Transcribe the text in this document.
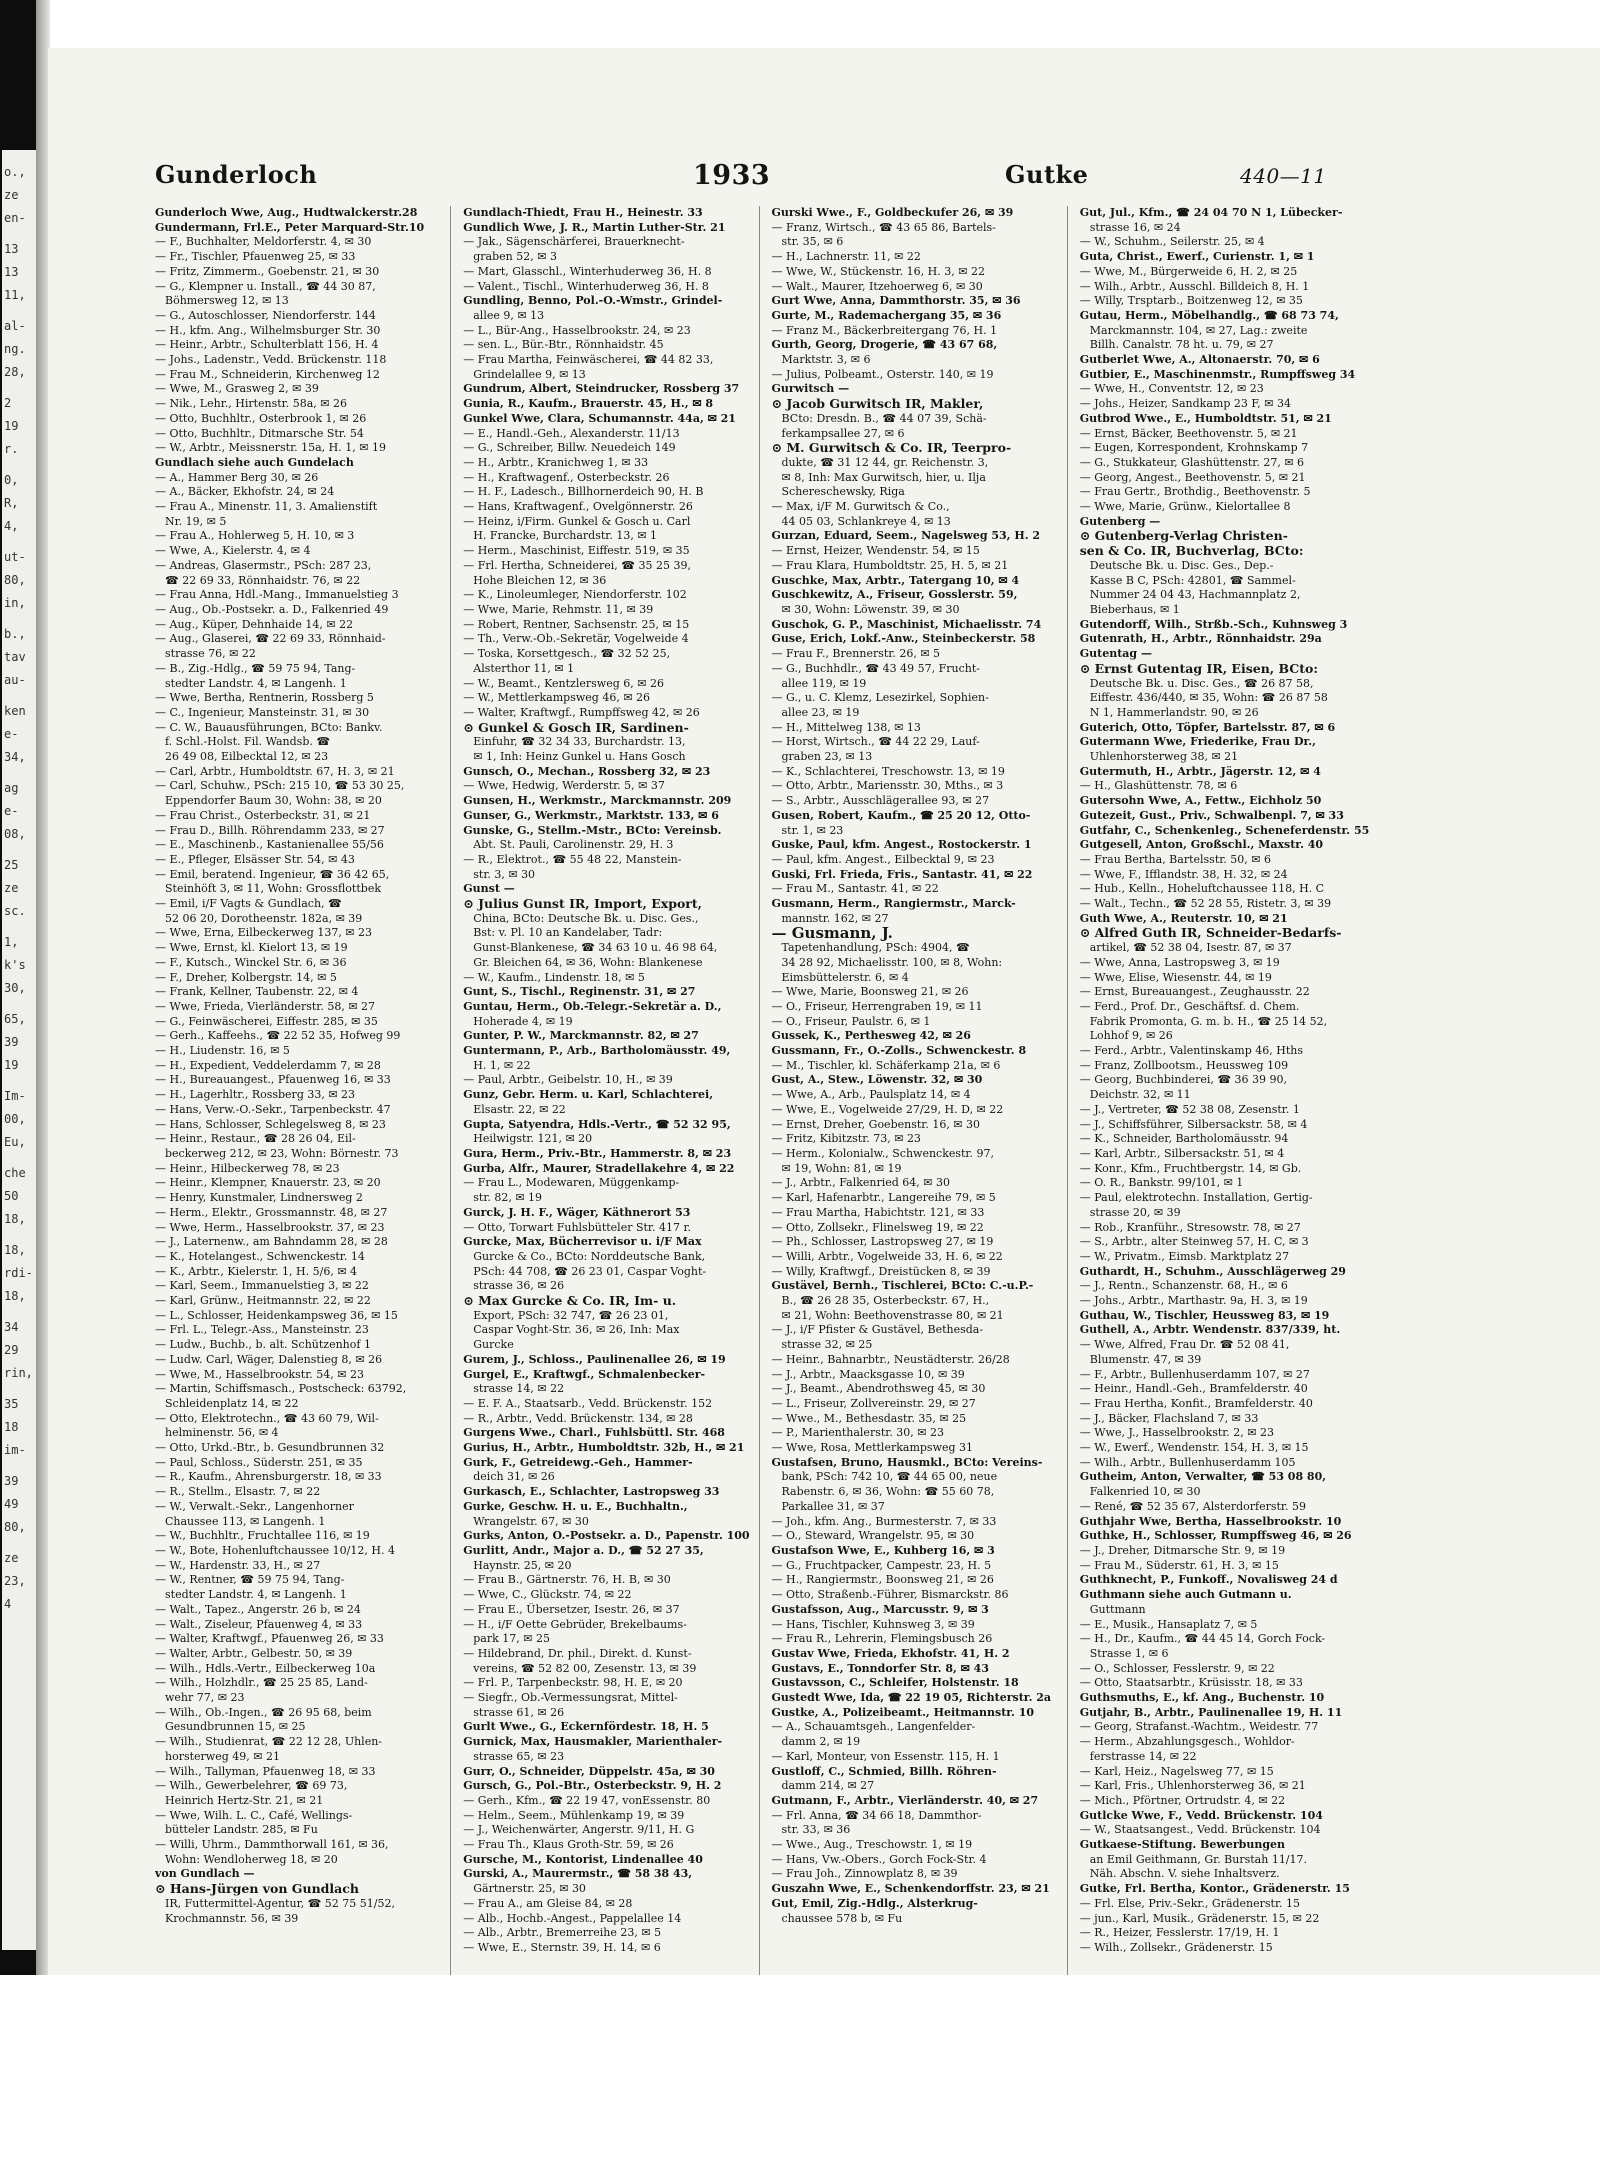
o.,
ze
en-
13
13
11,
al-
ng.
28,
2
19
r.
0,
R,
4,
ut-
80,
in,
b.,
tav
au-
ken
e-
34,
ag
e-
08,
25
ze
sc.
1,
k's
30,
65,
39
19
Im-
00,
Eu,
che
50
18,
18,
rdi-
18,
34
29
rin,
35
18
im-
39
49
80,
ze
23,
4
Gunderloch	1933	Gutke	440—11
Gunderloch Wwe, Aug., Hudtwalckerstr.28
Gundermann, Frl.E., Peter Marquard-Str.10
— F., Buchhalter, Meldorferstr. 4, ✉ 30
— Fr., Tischler, Pfauenweg 25, ✉ 33
— Fritz, Zimmerm., Goebenstr. 21, ✉ 30
— G., Klempner u. Install., ☎ 44 30 87,
Böhmersweg 12, ✉ 13
— G., Autoschlosser, Niendorferstr. 144
— H., kfm. Ang., Wilhelmsburger Str. 30
— Heinr., Arbtr., Schulterblatt 156, H. 4
— Johs., Ladenstr., Vedd. Brückenstr. 118
— Frau M., Schneiderin, Kirchenweg 12
— Wwe, M., Grasweg 2, ✉ 39
— Nik., Lehr., Hirtenstr. 58a, ✉ 26
— Otto, Buchhltr., Osterbrook 1, ✉ 26
— Otto, Buchhltr., Ditmarsche Str. 54
— W., Arbtr., Meissnerstr. 15a, H. 1, ✉ 19
Gundlach siehe auch Gundelach
— A., Hammer Berg 30, ✉ 26
— A., Bäcker, Ekhofstr. 24, ✉ 24
— Frau A., Minenstr. 11, 3. Amalienstift
Nr. 19, ✉ 5
— Frau A., Hohlerweg 5, H. 10, ✉ 3
— Wwe, A., Kielerstr. 4, ✉ 4
— Andreas, Glasermstr., PSch: 287 23,
☎ 22 69 33, Rönnhaidstr. 76, ✉ 22
— Frau Anna, Hdl.-Mang., Immanuelstieg 3
— Aug., Ob.-Postsekr. a. D., Falkenried 49
— Aug., Küper, Dehnhaide 14, ✉ 22
— Aug., Glaserei, ☎ 22 69 33, Rönnhaid-
strasse 76, ✉ 22
— B., Zig.-Hdlg., ☎ 59 75 94, Tang-
stedter Landstr. 4, ✉ Langenh. 1
— Wwe, Bertha, Rentnerin, Rossberg 5
— C., Ingenieur, Mansteinstr. 31, ✉ 30
— C. W., Bauausführungen, BCto: Bankv.
f. Schl.-Holst. Fil. Wandsb. ☎
26 49 08, Eilbecktal 12, ✉ 23
— Carl, Arbtr., Humboldtstr. 67, H. 3, ✉ 21
— Carl, Schuhw., PSch: 215 10, ☎ 53 30 25,
Eppendorfer Baum 30, Wohn: 38, ✉ 20
— Frau Christ., Osterbeckstr. 31, ✉ 21
— Frau D., Billh. Röhrendamm 233, ✉ 27
— E., Maschinenb., Kastanienallee 55/56
— E., Pfleger, Elsässer Str. 54, ✉ 43
— Emil, beratend. Ingenieur, ☎ 36 42 65,
Steinhöft 3, ✉ 11, Wohn: Grossflottbek
— Emil, i/F Vagts & Gundlach, ☎
52 06 20, Dorotheenstr. 182a, ✉ 39
— Wwe, Erna, Eilbeckerweg 137, ✉ 23
— Wwe, Ernst, kl. Kielort 13, ✉ 19
— F., Kutsch., Winckel Str. 6, ✉ 36
— F., Dreher, Kolbergstr. 14, ✉ 5
— Frank, Kellner, Taubenstr. 22, ✉ 4
— Wwe, Frieda, Vierländerstr. 58, ✉ 27
— G., Feinwäscherei, Eiffestr. 285, ✉ 35
— Gerh., Kaffeehs., ☎ 22 52 35, Hofweg 99
— H., Liudenstr. 16, ✉ 5
— H., Expedient, Veddelerdamm 7, ✉ 28
— H., Bureauangest., Pfauenweg 16, ✉ 33
— H., Lagerhltr., Rossberg 33, ✉ 23
— Hans, Verw.-O.-Sekr., Tarpenbeckstr. 47
— Hans, Schlosser, Schlegelsweg 8, ✉ 23
— Heinr., Restaur., ☎ 28 26 04, Eil-
beckerweg 212, ✉ 23, Wohn: Börnestr. 73
— Heinr., Hilbeckerweg 78, ✉ 23
— Heinr., Klempner, Knauerstr. 23, ✉ 20
— Henry, Kunstmaler, Lindnersweg 2
— Herm., Elektr., Grossmannstr. 48, ✉ 27
— Wwe, Herm., Hasselbrookstr. 37, ✉ 23
— J., Laternenw., am Bahndamm 28, ✉ 28
— K., Hotelangest., Schwenckestr. 14
— K., Arbtr., Kielerstr. 1, H. 5/6, ✉ 4
— Karl, Seem., Immanuelstieg 3, ✉ 22
— Karl, Grünw., Heitmannstr. 22, ✉ 22
— L., Schlosser, Heidenkampsweg 36, ✉ 15
— Frl. L., Telegr.-Ass., Mansteinstr. 23
— Ludw., Buchb., b. alt. Schützenhof 1
— Ludw. Carl, Wäger, Dalenstieg 8, ✉ 26
— Wwe, M., Hasselbrookstr. 54, ✉ 23
— Martin, Schiffsmasch., Postscheck: 63792,
Schleidenplatz 14, ✉ 22
— Otto, Elektrotechn., ☎ 43 60 79, Wil-
helminenstr. 56, ✉ 4
— Otto, Urkd.-Btr., b. Gesundbrunnen 32
— Paul, Schloss., Süderstr. 251, ✉ 35
— R., Kaufm., Ahrensburgerstr. 18, ✉ 33
— R., Stellm., Elsastr. 7, ✉ 22
— W., Verwalt.-Sekr., Langenhorner
Chaussee 113, ✉ Langenh. 1
— W., Buchhltr., Fruchtallee 116, ✉ 19
— W., Bote, Hohenluftchaussee 10/12, H. 4
— W., Hardenstr. 33, H., ✉ 27
— W., Rentner, ☎ 59 75 94, Tang-
stedter Landstr. 4, ✉ Langenh. 1
— Walt., Tapez., Angerstr. 26 b, ✉ 24
— Walt., Ziseleur, Pfauenweg 4, ✉ 33
— Walter, Kraftwgf., Pfauenweg 26, ✉ 33
— Walter, Arbtr., Gelbestr. 50, ✉ 39
— Wilh., Hdls.-Vertr., Eilbeckerweg 10a
— Wilh., Holzhdlr., ☎ 25 25 85, Land-
wehr 77, ✉ 23
— Wilh., Ob.-Ingen., ☎ 26 95 68, beim
Gesundbrunnen 15, ✉ 25
— Wilh., Studienrat, ☎ 22 12 28, Uhlen-
horsterweg 49, ✉ 21
— Wilh., Tallyman, Pfauenweg 18, ✉ 33
— Wilh., Gewerbelehrer, ☎ 69 73,
Heinrich Hertz-Str. 21, ✉ 21
— Wwe, Wilh. L. C., Café, Wellings-
bütteler Landstr. 285, ✉ Fu
— Willi, Uhrm., Dammthorwall 161, ✉ 36,
Wohn: Wendloherweg 18, ✉ 20
von Gundlach —
⊙ Hans-Jürgen von Gundlach
IR, Futtermittel-Agentur, ☎ 52 75 51/52,
Krochmannstr. 56, ✉ 39
Gundlach-Thiedt, Frau H., Heinestr. 33
Gundlich Wwe, J. R., Martin Luther-Str. 21
— Jak., Sägenschärferei, Brauerknecht-
graben 52, ✉ 3
— Mart, Glasschl., Winterhuderweg 36, H. 8
— Valent., Tischl., Winterhuderweg 36, H. 8
Gundling, Benno, Pol.-O.-Wmstr., Grindel-
allee 9, ✉ 13
— L., Bür-Ang., Hasselbrookstr. 24, ✉ 23
— sen. L., Bür.-Btr., Rönnhaidstr. 45
— Frau Martha, Feinwäscherei, ☎ 44 82 33,
Grindelallee 9, ✉ 13
Gundrum, Albert, Steindrucker, Rossberg 37
Gunia, R., Kaufm., Brauerstr. 45, H., ✉ 8
Gunkel Wwe, Clara, Schumannstr. 44a, ✉ 21
— E., Handl.-Geh., Alexanderstr. 11/13
— G., Schreiber, Billw. Neuedeich 149
— H., Arbtr., Kranichweg 1, ✉ 33
— H., Kraftwagenf., Osterbeckstr. 26
— H. F., Ladesch., Billhornerdeich 90, H. B
— Hans, Kraftwagenf., Ovelgönnerstr. 26
— Heinz, i/Firm. Gunkel & Gosch u. Carl
H. Francke, Burchardstr. 13, ✉ 1
— Herm., Maschinist, Eiffestr. 519, ✉ 35
— Frl. Hertha, Schneiderei, ☎ 35 25 39,
Hohe Bleichen 12, ✉ 36
— K., Linoleumleger, Niendorferstr. 102
— Wwe, Marie, Rehmstr. 11, ✉ 39
— Robert, Rentner, Sachsenstr. 25, ✉ 15
— Th., Verw.-Ob.-Sekretär, Vogelweide 4
— Toska, Korsettgesch., ☎ 32 52 25,
Alsterthor 11, ✉ 1
— W., Beamt., Kentzlersweg 6, ✉ 26
— W., Mettlerkampsweg 46, ✉ 26
— Walter, Kraftwgf., Rumpffsweg 42, ✉ 26
⊙ Gunkel & Gosch IR, Sardinen-
Einfuhr, ☎ 32 34 33, Burchardstr. 13,
✉ 1, Inh: Heinz Gunkel u. Hans Gosch
Gunsch, O., Mechan., Rossberg 32, ✉ 23
— Wwe, Hedwig, Werderstr. 5, ✉ 37
Gunsen, H., Werkmstr., Marckmannstr. 209
Gunser, G., Werkmstr., Marktstr. 133, ✉ 6
Gunske, G., Stellm.-Mstr., BCto: Vereinsb.
Abt. St. Pauli, Carolinenstr. 29, H. 3
— R., Elektrot., ☎ 55 48 22, Manstein-
str. 3, ✉ 30
Gunst —
⊙ Julius Gunst IR, Import, Export,
China, BCto: Deutsche Bk. u. Disc. Ges.,
Bst: v. Pl. 10 an Kandelaber, Tadr:
Gunst-Blankenese, ☎ 34 63 10 u. 46 98 64,
Gr. Bleichen 64, ✉ 36, Wohn: Blankenese
— W., Kaufm., Lindenstr. 18, ✉ 5
Gunt, S., Tischl., Reginenstr. 31, ✉ 27
Guntau, Herm., Ob.-Telegr.-Sekretär a. D.,
Hoherade 4, ✉ 19
Gunter, P. W., Marckmannstr. 82, ✉ 27
Guntermann, P., Arb., Bartholomäusstr. 49,
H. 1, ✉ 22
— Paul, Arbtr., Geibelstr. 10, H., ✉ 39
Gunz, Gebr. Herm. u. Karl, Schlachterei,
Elsastr. 22, ✉ 22
Gupta, Satyendra, Hdls.-Vertr., ☎ 52 32 95,
Heilwigstr. 121, ✉ 20
Gura, Herm., Priv.-Btr., Hammerstr. 8, ✉ 23
Gurba, Alfr., Maurer, Stradellakehre 4, ✉ 22
— Frau L., Modewaren, Müggenkamp-
str. 82, ✉ 19
Gurck, J. H. F., Wäger, Käthnerort 53
— Otto, Torwart Fuhlsbütteler Str. 417 r.
Gurcke, Max, Bücherrevisor u. i/F Max
Gurcke & Co., BCto: Norddeutsche Bank,
PSch: 44 708, ☎ 26 23 01, Caspar Voght-
strasse 36, ✉ 26
⊙ Max Gurcke & Co. IR, Im- u.
Export, PSch: 32 747, ☎ 26 23 01,
Caspar Voght-Str. 36, ✉ 26, Inh: Max
Gurcke
Gurem, J., Schloss., Paulinenallee 26, ✉ 19
Gurgel, E., Kraftwgf., Schmalenbecker-
strasse 14, ✉ 22
— E. F. A., Staatsarb., Vedd. Brückenstr. 152
— R., Arbtr., Vedd. Brückenstr. 134, ✉ 28
Gurgens Wwe., Charl., Fuhlsbüttl. Str. 468
Gurius, H., Arbtr., Humboldtstr. 32b, H., ✉ 21
Gurk, F., Getreidewg.-Geh., Hammer-
deich 31, ✉ 26
Gurkasch, E., Schlachter, Lastropsweg 33
Gurke, Geschw. H. u. E., Buchhaltn.,
Wrangelstr. 67, ✉ 30
Gurks, Anton, O.-Postsekr. a. D., Papenstr. 100
Gurlitt, Andr., Major a. D., ☎ 52 27 35,
Haynstr. 25, ✉ 20
— Frau B., Gärtnerstr. 76, H. B, ✉ 30
— Wwe, C., Glückstr. 74, ✉ 22
— Frau E., Übersetzer, Isestr. 26, ✉ 37
— H., i/F Oette Gebrüder, Brekelbaums-
park 17, ✉ 25
— Hildebrand, Dr. phil., Direkt. d. Kunst-
vereins, ☎ 52 82 00, Zesenstr. 13, ✉ 39
— Frl. P., Tarpenbeckstr. 98, H. E, ✉ 20
— Siegfr., Ob.-Vermessungsrat, Mittel-
strasse 61, ✉ 26
Gurlt Wwe., G., Eckernfördestr. 18, H. 5
Gurnick, Max, Hausmakler, Marienthaler-
strasse 65, ✉ 23
Gurr, O., Schneider, Düppelstr. 45a, ✉ 30
Gursch, G., Pol.-Btr., Osterbeckstr. 9, H. 2
— Gerh., Kfm., ☎ 22 19 47, vonEssenstr. 80
— Helm., Seem., Mühlenkamp 19, ✉ 39
— J., Weichenwärter, Angerstr. 9/11, H. G
— Frau Th., Klaus Groth-Str. 59, ✉ 26
Gursche, M., Kontorist, Lindenallee 40
Gurski, A., Maurermstr., ☎ 58 38 43,
Gärtnerstr. 25, ✉ 30
— Frau A., am Gleise 84, ✉ 28
— Alb., Hochb.-Angest., Pappelallee 14
— Alb., Arbtr., Bremerreihe 23, ✉ 5
— Wwe, E., Sternstr. 39, H. 14, ✉ 6
Gurski Wwe., F., Goldbeckufer 26, ✉ 39
— Franz, Wirtsch., ☎ 43 65 86, Bartels-
str. 35, ✉ 6
— H., Lachnerstr. 11, ✉ 22
— Wwe, W., Stückenstr. 16, H. 3, ✉ 22
— Walt., Maurer, Itzehoerweg 6, ✉ 30
Gurt Wwe, Anna, Dammthorstr. 35, ✉ 36
Gurte, M., Rademachergang 35, ✉ 36
— Franz M., Bäckerbreitergang 76, H. 1
Gurth, Georg, Drogerie, ☎ 43 67 68,
Marktstr. 3, ✉ 6
— Julius, Polbeamt., Osterstr. 140, ✉ 19
Gurwitsch —
⊙ Jacob Gurwitsch IR, Makler,
BCto: Dresdn. B., ☎ 44 07 39, Schä-
ferkampsallee 27, ✉ 6
⊙ M. Gurwitsch & Co. IR, Teerpro-
dukte, ☎ 31 12 44, gr. Reichenstr. 3,
✉ 8, Inh: Max Gurwitsch, hier, u. Ilja
Schereschewsky, Riga
— Max, i/F M. Gurwitsch & Co.,
44 05 03, Schlankreye 4, ✉ 13
Gurzan, Eduard, Seem., Nagelsweg 53, H. 2
— Ernst, Heizer, Wendenstr. 54, ✉ 15
— Frau Klara, Humboldtstr. 25, H. 5, ✉ 21
Guschke, Max, Arbtr., Tatergang 10, ✉ 4
Guschkewitz, A., Friseur, Gosslerstr. 59,
✉ 30, Wohn: Löwenstr. 39, ✉ 30
Guschok, G. P., Maschinist, Michaelisstr. 74
Guse, Erich, Lokf.-Anw., Steinbeckerstr. 58
— Frau F., Brennerstr. 26, ✉ 5
— G., Buchhdlr., ☎ 43 49 57, Frucht-
allee 119, ✉ 19
— G., u. C. Klemz, Lesezirkel, Sophien-
allee 23, ✉ 19
— H., Mittelweg 138, ✉ 13
— Horst, Wirtsch., ☎ 44 22 29, Lauf-
graben 23, ✉ 13
— K., Schlachterei, Treschowstr. 13, ✉ 19
— Otto, Arbtr., Mariensstr. 30, Mths., ✉ 3
— S., Arbtr., Ausschlägerallee 93, ✉ 27
Gusen, Robert, Kaufm., ☎ 25 20 12, Otto-
str. 1, ✉ 23
Guske, Paul, kfm. Angest., Rostockerstr. 1
— Paul, kfm. Angest., Eilbecktal 9, ✉ 23
Guski, Frl. Frieda, Fris., Santastr. 41, ✉ 22
— Frau M., Santastr. 41, ✉ 22
Gusmann, Herm., Rangiermstr., Marck-
mannstr. 162, ✉ 27
— Gusmann, J.
Tapetenhandlung, PSch: 4904, ☎
34 28 92, Michaelisstr. 100, ✉ 8, Wohn:
Eimsbüttelerstr. 6, ✉ 4
— Wwe, Marie, Boonsweg 21, ✉ 26
— O., Friseur, Herrengraben 19, ✉ 11
— O., Friseur, Paulstr. 6, ✉ 1
Gussek, K., Perthesweg 42, ✉ 26
Gussmann, Fr., O.-Zolls., Schwenckestr. 8
— M., Tischler, kl. Schäferkamp 21a, ✉ 6
Gust, A., Stew., Löwenstr. 32, ✉ 30
— Wwe, A., Arb., Paulsplatz 14, ✉ 4
— Wwe, E., Vogelweide 27/29, H. D, ✉ 22
— Ernst, Dreher, Goebenstr. 16, ✉ 30
— Fritz, Kibitzstr. 73, ✉ 23
— Herm., Kolonialw., Schwenckestr. 97,
✉ 19, Wohn: 81, ✉ 19
— J., Arbtr., Falkenried 64, ✉ 30
— Karl, Hafenarbtr., Langereihe 79, ✉ 5
— Frau Martha, Habichtstr. 121, ✉ 33
— Otto, Zollsekr., Flinelsweg 19, ✉ 22
— Ph., Schlosser, Lastropsweg 27, ✉ 19
— Willi, Arbtr., Vogelweide 33, H. 6, ✉ 22
— Willy, Kraftwgf., Dreistücken 8, ✉ 39
Gustävel, Bernh., Tischlerei, BCto: C.-u.P.-
B., ☎ 26 28 35, Osterbeckstr. 67, H.,
✉ 21, Wohn: Beethovenstrasse 80, ✉ 21
— J., i/F Pfister & Gustävel, Bethesda-
strasse 32, ✉ 25
— Heinr., Bahnarbtr., Neustädterstr. 26/28
— J., Arbtr., Maacksgasse 10, ✉ 39
— J., Beamt., Abendrothsweg 45, ✉ 30
— L., Friseur, Zollvereinstr. 29, ✉ 27
— Wwe., M., Bethesdastr. 35, ✉ 25
— P., Marienthalerstr. 30, ✉ 23
— Wwe, Rosa, Mettlerkampsweg 31
Gustafsen, Bruno, Hausmkl., BCto: Vereins-
bank, PSch: 742 10, ☎ 44 65 00, neue
Rabenstr. 6, ✉ 36, Wohn: ☎ 55 60 78,
Parkallee 31, ✉ 37
— Joh., kfm. Ang., Burmesterstr. 7, ✉ 33
— O., Steward, Wrangelstr. 95, ✉ 30
Gustafson Wwe, E., Kuhberg 16, ✉ 3
— G., Fruchtpacker, Campestr. 23, H. 5
— H., Rangiermstr., Boonsweg 21, ✉ 26
— Otto, Straßenb.-Führer, Bismarckstr. 86
Gustafsson, Aug., Marcusstr. 9, ✉ 3
— Hans, Tischler, Kuhnsweg 3, ✉ 39
— Frau R., Lehrerin, Flemingsbusch 26
Gustav Wwe, Frieda, Ekhofstr. 41, H. 2
Gustavs, E., Tonndorfer Str. 8, ✉ 43
Gustavsson, C., Schleifer, Holstenstr. 18
Gustedt Wwe, Ida, ☎ 22 19 05, Richterstr. 2a
Gustke, A., Polizeibeamt., Heitmannstr. 10
— A., Schauamtsgeh., Langenfelder-
damm 2, ✉ 19
— Karl, Monteur, von Essenstr. 115, H. 1
Gustloff, C., Schmied, Billh. Röhren-
damm 214, ✉ 27
Gutmann, F., Arbtr., Vierländerstr. 40, ✉ 27
— Frl. Anna, ☎ 34 66 18, Dammthor-
str. 33, ✉ 36
— Wwe., Aug., Treschowstr. 1, ✉ 19
— Hans, Vw.-Obers., Gorch Fock-Str. 4
— Frau Joh., Zinnowplatz 8, ✉ 39
Guszahn Wwe, E., Schenkendorffstr. 23, ✉ 21
Gut, Emil, Zig.-Hdlg., Alsterkrug-
chaussee 578 b, ✉ Fu
Gut, Jul., Kfm., ☎ 24 04 70 N 1, Lübecker-
strasse 16, ✉ 24
— W., Schuhm., Seilerstr. 25, ✉ 4
Guta, Christ., Ewerf., Curienstr. 1, ✉ 1
— Wwe, M., Bürgerweide 6, H. 2, ✉ 25
— Wilh., Arbtr., Ausschl. Billdeich 8, H. 1
— Willy, Trsptarb., Boitzenweg 12, ✉ 35
Gutau, Herm., Möbelhandlg., ☎ 68 73 74,
Marckmannstr. 104, ✉ 27, Lag.: zweite
Billh. Canalstr. 78 ht. u. 79, ✉ 27
Gutberlet Wwe, A., Altonaerstr. 70, ✉ 6
Gutbier, E., Maschinenmstr., Rumpffsweg 34
— Wwe, H., Conventstr. 12, ✉ 23
— Johs., Heizer, Sandkamp 23 F, ✉ 34
Gutbrod Wwe., E., Humboldtstr. 51, ✉ 21
— Ernst, Bäcker, Beethovenstr. 5, ✉ 21
— Eugen, Korrespondent, Krohnskamp 7
— G., Stukkateur, Glashüttenstr. 27, ✉ 6
— Georg, Angest., Beethovenstr. 5, ✉ 21
— Frau Gertr., Brothdig., Beethovenstr. 5
— Wwe, Marie, Grünw., Kielortallee 8
Gutenberg —
⊙ Gutenberg-Verlag Christen-
sen & Co. IR, Buchverlag, BCto:
Deutsche Bk. u. Disc. Ges., Dep.-
Kasse B C, PSch: 42801, ☎ Sammel-
Nummer 24 04 43, Hachmannplatz 2,
Bieberhaus, ✉ 1
Gutendorff, Wilh., Strßb.-Sch., Kuhnsweg 3
Gutenrath, H., Arbtr., Rönnhaidstr. 29a
Gutentag —
⊙ Ernst Gutentag IR, Eisen, BCto:
Deutsche Bk. u. Disc. Ges., ☎ 26 87 58,
Eiffestr. 436/440, ✉ 35, Wohn: ☎ 26 87 58
N 1, Hammerlandstr. 90, ✉ 26
Guterich, Otto, Töpfer, Bartelsstr. 87, ✉ 6
Gutermann Wwe, Friederike, Frau Dr.,
Uhlenhorsterweg 38, ✉ 21
Gutermuth, H., Arbtr., Jägerstr. 12, ✉ 4
— H., Glashüttenstr. 78, ✉ 6
Gutersohn Wwe, A., Fettw., Eichholz 50
Gutezeit, Gust., Priv., Schwalbenpl. 7, ✉ 33
Gutfahr, C., Schenkenleg., Scheneferdenstr. 55
Gutgesell, Anton, Großschl., Maxstr. 40
— Frau Bertha, Bartelsstr. 50, ✉ 6
— Wwe, F., Ifflandstr. 38, H. 32, ✉ 24
— Hub., Kelln., Hoheluftchaussee 118, H. C
— Walt., Techn., ☎ 52 28 55, Ristetr. 3, ✉ 39
Guth Wwe, A., Reuterstr. 10, ✉ 21
⊙ Alfred Guth IR, Schneider-Bedarfs-
artikel, ☎ 52 38 04, Isestr. 87, ✉ 37
— Wwe, Anna, Lastropsweg 3, ✉ 19
— Wwe, Elise, Wiesenstr. 44, ✉ 19
— Ernst, Bureauangest., Zeughausstr. 22
— Ferd., Prof. Dr., Geschäftsf. d. Chem.
Fabrik Promonta, G. m. b. H., ☎ 25 14 52,
Lohhof 9, ✉ 26
— Ferd., Arbtr., Valentinskamp 46, Hths
— Franz, Zollbootsm., Heussweg 109
— Georg, Buchbinderei, ☎ 36 39 90,
Deichstr. 32, ✉ 11
— J., Vertreter, ☎ 52 38 08, Zesenstr. 1
— J., Schiffsführer, Silbersackstr. 58, ✉ 4
— K., Schneider, Bartholomäusstr. 94
— Karl, Arbtr., Silbersackstr. 51, ✉ 4
— Konr., Kfm., Fruchtbergstr. 14, ✉ Gb.
— O. R., Bankstr. 99/101, ✉ 1
— Paul, elektrotechn. Installation, Gertig-
strasse 20, ✉ 39
— Rob., Kranführ., Stresowstr. 78, ✉ 27
— S., Arbtr., alter Steinweg 57, H. C, ✉ 3
— W., Privatm., Eimsb. Marktplatz 27
Guthardt, H., Schuhm., Ausschlägerweg 29
— J., Rentn., Schanzenstr. 68, H., ✉ 6
— Johs., Arbtr., Marthastr. 9a, H. 3, ✉ 19
Guthau, W., Tischler, Heussweg 83, ✉ 19
Guthell, A., Arbtr. Wendenstr. 837/339, ht.
— Wwe, Alfred, Frau Dr. ☎ 52 08 41,
Blumenstr. 47, ✉ 39
— F., Arbtr., Bullenhuserdamm 107, ✉ 27
— Heinr., Handl.-Geh., Bramfelderstr. 40
— Frau Hertha, Konfit., Bramfelderstr. 40
— J., Bäcker, Flachsland 7, ✉ 33
— Wwe, J., Hasselbrookstr. 2, ✉ 23
— W., Ewerf., Wendenstr. 154, H. 3, ✉ 15
— Wilh., Arbtr., Bullenhuserdamm 105
Gutheim, Anton, Verwalter, ☎ 53 08 80,
Falkenried 10, ✉ 30
— René, ☎ 52 35 67, Alsterdorferstr. 59
Guthjahr Wwe, Bertha, Hasselbrookstr. 10
Guthke, H., Schlosser, Rumpffsweg 46, ✉ 26
— J., Dreher, Ditmarsche Str. 9, ✉ 19
— Frau M., Süderstr. 61, H. 3, ✉ 15
Guthknecht, P., Funkoff., Novalisweg 24 d
Guthmann siehe auch Gutmann u.
Guttmann
— E., Musik., Hansaplatz 7, ✉ 5
— H., Dr., Kaufm., ☎ 44 45 14, Gorch Fock-
Strasse 1, ✉ 6
— O., Schlosser, Fesslerstr. 9, ✉ 22
— Otto, Staatsarbtr., Krüsisstr. 18, ✉ 33
Guthsmuths, E., kf. Ang., Buchenstr. 10
Gutjahr, B., Arbtr., Paulinenallee 19, H. 11
— Georg, Strafanst.-Wachtm., Weidestr. 77
— Herm., Abzahlungsgesch., Wohldor-
ferstrasse 14, ✉ 22
— Karl, Heiz., Nagelsweg 77, ✉ 15
— Karl, Fris., Uhlenhorsterweg 36, ✉ 21
— Mich., Pförtner, Ortrudstr. 4, ✉ 22
Gutlcke Wwe, F., Vedd. Brückenstr. 104
— W., Staatsangest., Vedd. Brückenstr. 104
Gutkaese-Stiftung. Bewerbungen
an Emil Geithmann, Gr. Burstah 11/17.
Näh. Abschn. V. siehe Inhaltsverz.
Gutke, Frl. Bertha, Kontor., Grädenerstr. 15
— Frl. Else, Priv.-Sekr., Grädenerstr. 15
— jun., Karl, Musik., Grädenerstr. 15, ✉ 22
— R., Heizer, Fesslerstr. 17/19, H. 1
— Wilh., Zollsekr., Grädenerstr. 15
